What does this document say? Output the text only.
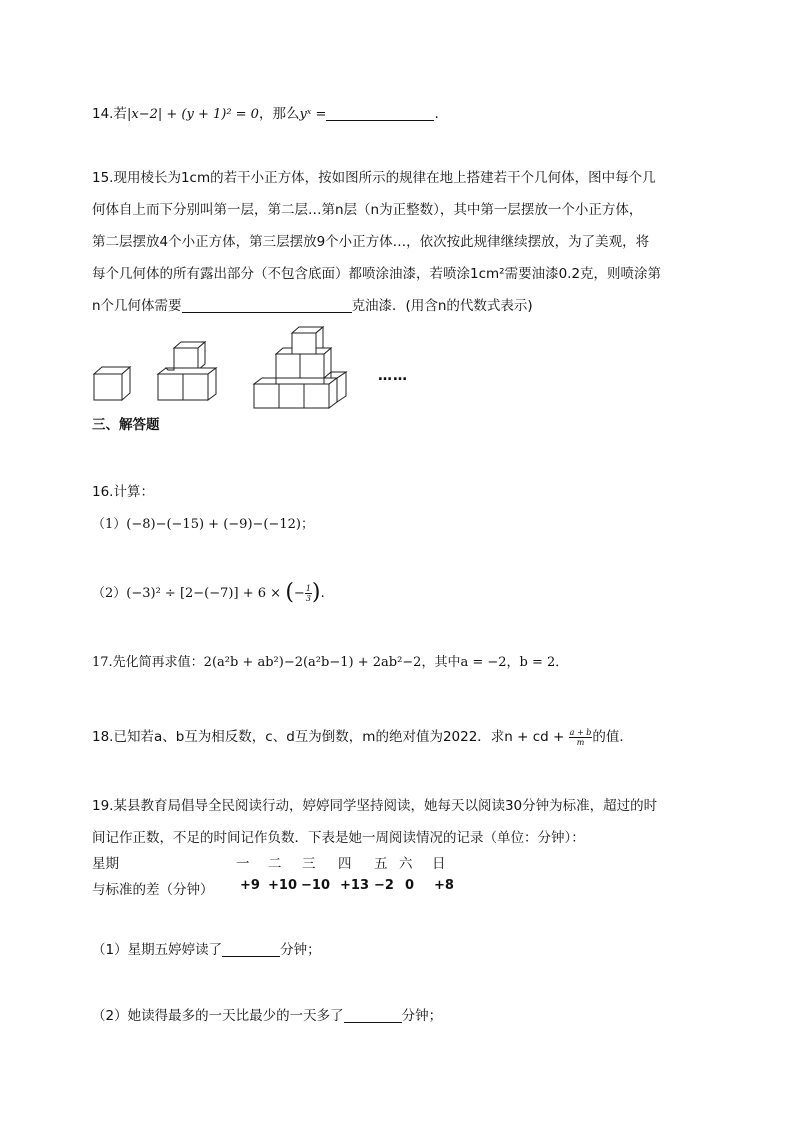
14.若|x−2| + (y + 1)² = 0，那么yˣ =	.
15.现用棱长为1cm的若干小正方体，按如图所示的规律在地上搭建若干个几何体，图中每个几
何体自上而下分别叫第一层，第二层…第n层（n为正整数），其中第一层摆放一个小正方体，
第二层摆放4个小正方体，第三层摆放9个小正方体…，依次按此规律继续摆放，为了美观，将
每个几何体的所有露出部分（不包含底面）都喷涂油漆，若喷涂1cm²需要油漆0.2克，则喷涂第
n个几何体需要	克油漆．(用含n的代数式表示)
……
三、解答题
16.计算：
（1）(−8)−(−15) + (−9)−(−12)；
（2）(−3)² ÷ [2−(−7)] + 6 × (− $\frac{1}{3}$ ).
17.先化简再求值：2(a²b + ab²)−2(a²b−1) + 2ab²−2，其中a = −2，b = 2．
18.已知若a、b互为相反数，c、d互为倒数，m的绝对值为2022．求n + cd + $\frac{a + b}{m}$ 的值．
19.某县教育局倡导全民阅读行动，婷婷同学坚持阅读，她每天以阅读30分钟为标准，超过的时
间记作正数，不足的时间记作负数．下表是她一周阅读情况的记录（单位：分钟）：
星期	一 二 三 四 五 六 日
与标准的差（分钟） +9 +10 −10 +13 −2 0 +8
（1）星期五婷婷读了	分钟；
（2）她读得最多的一天比最少的一天多了	分钟；
